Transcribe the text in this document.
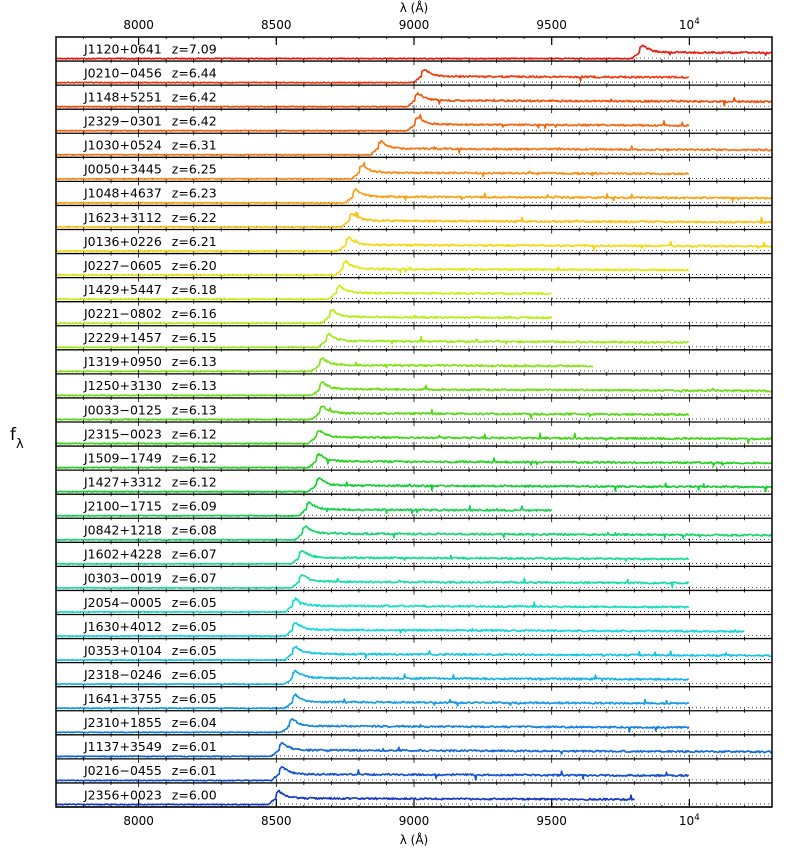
J1120+0641 z=7.09
J0210−0456 z=6.44
J1148+5251 z=6.42
J2329−0301 z=6.42
J1030+0524 z=6.31
J0050+3445 z=6.25
J1048+4637 z=6.23
J1623+3112 z=6.22
J0136+0226 z=6.21
J0227−0605 z=6.20
J1429+5447 z=6.18
J0221−0802 z=6.16
J2229+1457 z=6.15
J1319+0950 z=6.13
J1250+3130 z=6.13
J0033−0125 z=6.13
J2315−0023 z=6.12
J1509−1749 z=6.12
J1427+3312 z=6.12
J2100−1715 z=6.09
J0842+1218 z=6.08
J1602+4228 z=6.07
J0303−0019 z=6.07
J2054−0005 z=6.05
J1630+4012 z=6.05
J0353+0104 z=6.05
J2318−0246 z=6.05
J1641+3755 z=6.05
J2310+1855 z=6.04
J1137+3549 z=6.01
J0216−0455 z=6.01
J2356+0023 z=6.00
8000
8000
8500
8500
9000
9000
9500
9500
$10^4$
$10^4$
λ (Å)
λ (Å)
$f_\lambda$
